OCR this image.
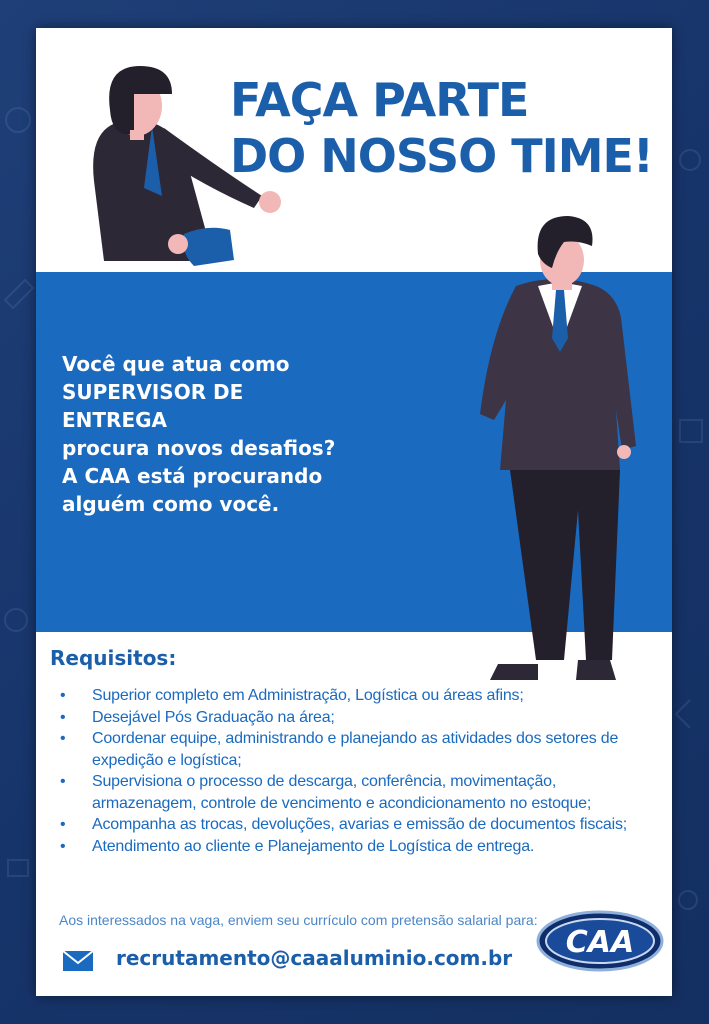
FAÇA PARTE
DO NOSSO TIME!

Você que atua como
SUPERVISOR DE
ENTREGA
procura novos desafios?
A CAA está procurando
alguém como você.

Requisitos:
• Superior completo em Administração, Logística ou áreas afins;
• Desejável Pós Graduação na área;
• Coordenar equipe, administrando e planejando as atividades dos setores de expedição e logística;
• Supervisiona o processo de descarga, conferência, movimentação, armazenagem, controle de vencimento e acondicionamento no estoque;
• Acompanha as trocas, devoluções, avarias e emissão de documentos fiscais;
• Atendimento ao cliente e Planejamento de Logística de entrega.

Aos interessados na vaga, enviem seu currículo com pretensão salarial para:

recrutamento@caaaluminio.com.br CAA
